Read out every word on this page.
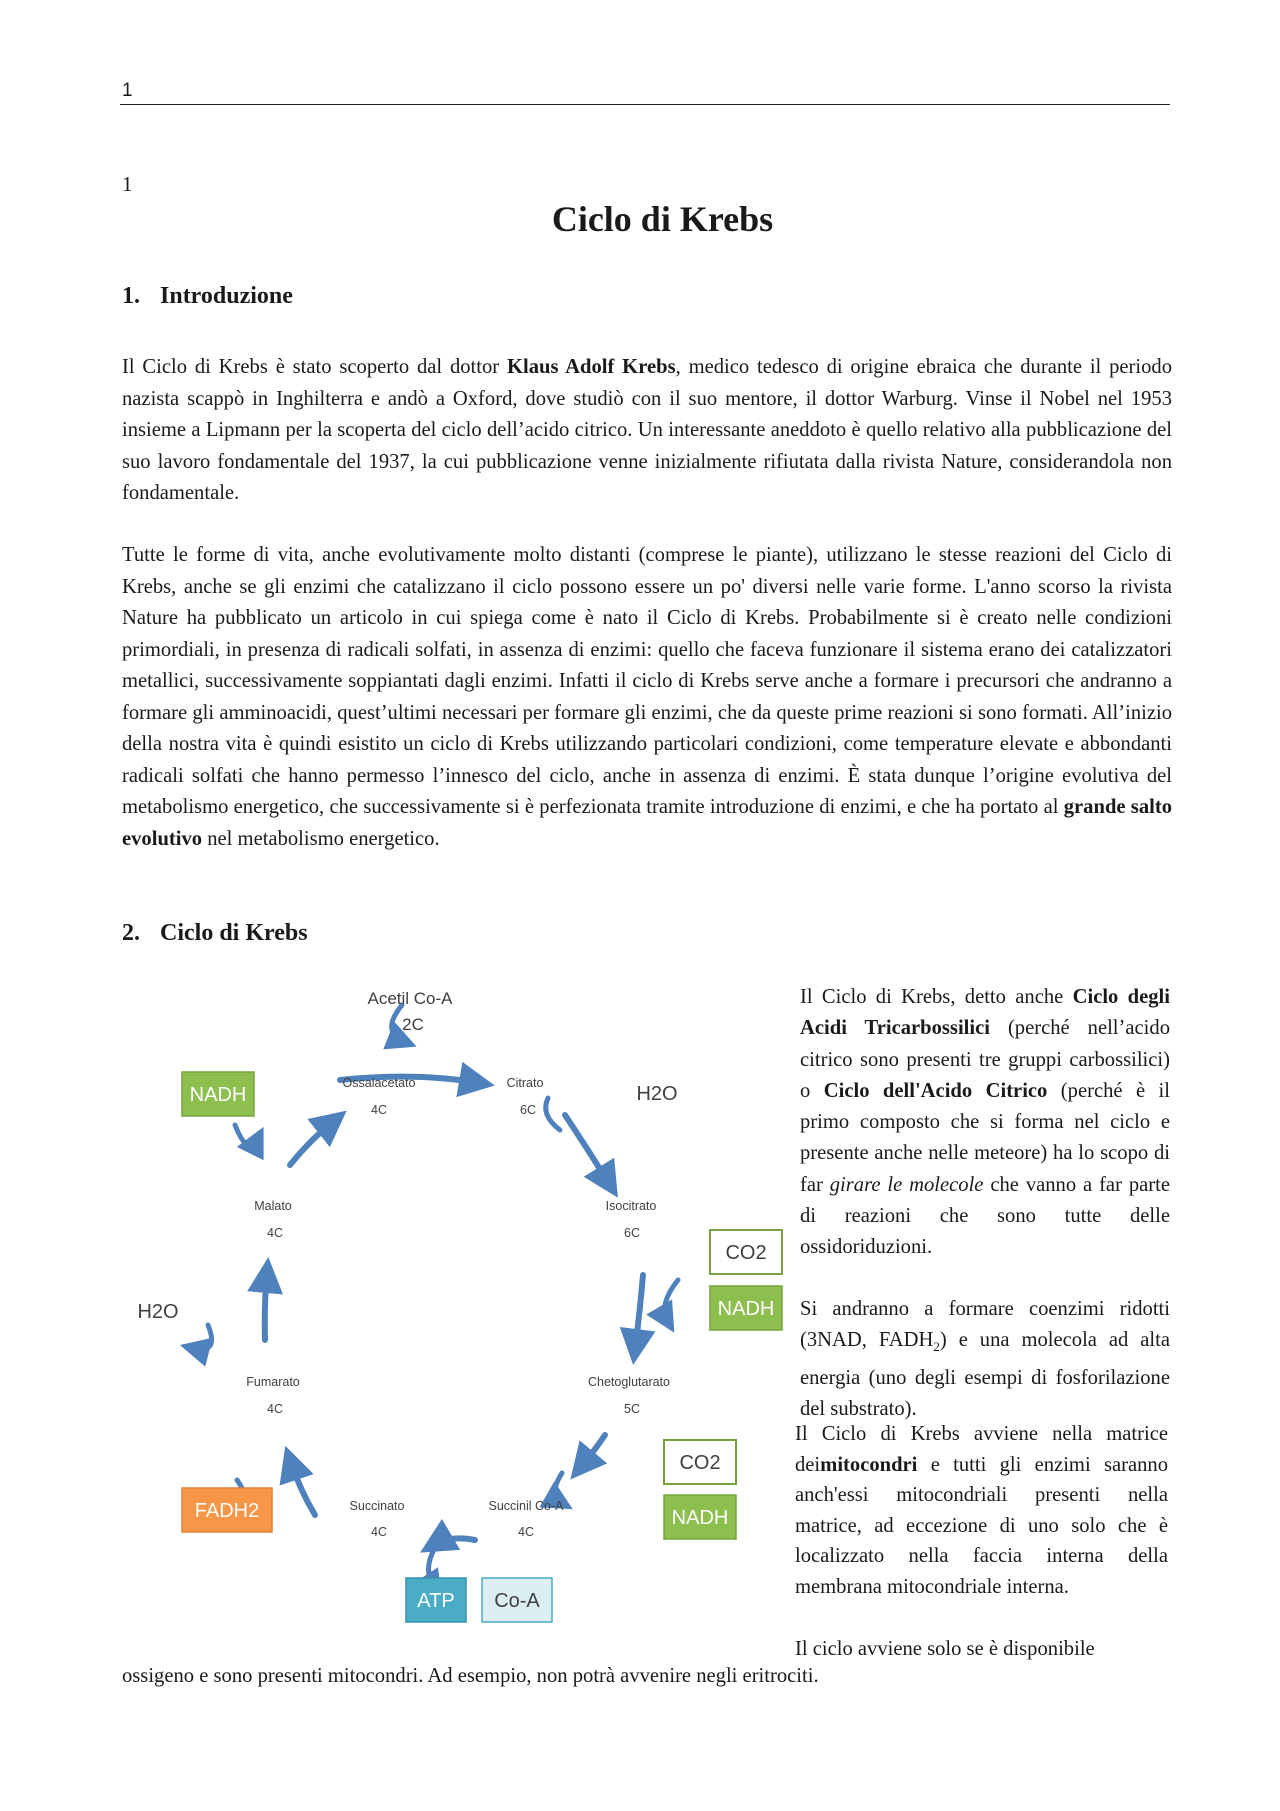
1
1
Ciclo di Krebs
1. Introduzione

Il Ciclo di Krebs è stato scoperto dal dottor Klaus Adolf Krebs, medico tedesco di origine ebraica che durante il periodo nazista scappò in Inghilterra e andò a Oxford, dove studiò con il suo mentore, il dottor Warburg. Vinse il Nobel nel 1953 insieme a Lipmann per la scoperta del ciclo dell’acido citrico. Un interessante aneddoto è quello relativo alla pubblicazione del suo lavoro fondamentale del 1937, la cui pubblicazione venne inizialmente rifiutata dalla rivista Nature, considerandola non fondamentale.

Tutte le forme di vita, anche evolutivamente molto distanti (comprese le piante), utilizzano le stesse reazioni del Ciclo di Krebs, anche se gli enzimi che catalizzano il ciclo possono essere un po' diversi nelle varie forme. L'anno scorso la rivista Nature ha pubblicato un articolo in cui spiega come è nato il Ciclo di Krebs. Probabilmente si è creato nelle condizioni primordiali, in presenza di radicali solfati, in assenza di enzimi: quello che faceva funzionare il sistema erano dei catalizzatori metallici, successivamente soppiantati dagli enzimi. Infatti il ciclo di Krebs serve anche a formare i precursori che andranno a formare gli amminoacidi, quest’ultimi necessari per formare gli enzimi, che da queste prime reazioni si sono formati. All’inizio della nostra vita è quindi esistito un ciclo di Krebs utilizzando particolari condizioni, come temperature elevate e abbondanti radicali solfati che hanno permesso l’innesco del ciclo, anche in assenza di enzimi. È stata dunque l’origine evolutiva del metabolismo energetico, che successivamente si è perfezionata tramite introduzione di enzimi, e che ha portato al grande salto evolutivo nel metabolismo energetico.

2. Ciclo di Krebs
Acetil Co-A
2C
Ossalacetato
4C
Citrato
6C
Isocitrato
6C
Chetoglutarato
5C
Succinil Co-A
4C
Succinato
4C
Fumarato
4C
Malato
4C
NADH	H2O
CO2
NADH
CO2
NADH
ATP Co-A
FADH2
H2O

Il Ciclo di Krebs, detto anche Ciclo degli Acidi Tricarbossilici (perché nell’acido citrico sono presenti tre gruppi carbossilici) o Ciclo dell'Acido Citrico (perché è il primo composto che si forma nel ciclo e presente anche nelle meteore) ha lo scopo di far girare le molecole che vanno a far parte di reazioni che sono tutte delle ossidoriduzioni.

Si andranno a formare coenzimi ridotti (3NAD, $FADH_2$) e una molecola ad alta energia (uno degli esempi di fosforilazione del substrato).

Il Ciclo di Krebs avviene nella matrice deimitocondri e tutti gli enzimi saranno anch'essi mitocondriali presenti nella matrice, ad eccezione di uno solo che è localizzato nella faccia interna della membrana mitocondriale interna.

Il ciclo avviene solo se è disponibile

ossigeno e sono presenti mitocondri. Ad esempio, non potrà avvenire negli eritrociti.
